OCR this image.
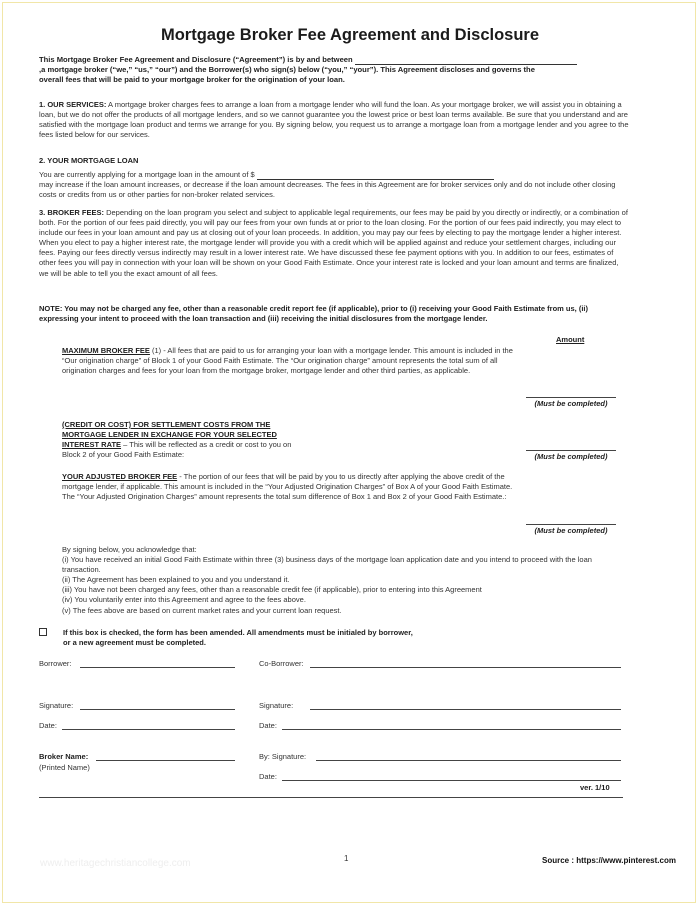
Mortgage Broker Fee Agreement and Disclosure
This Mortgage Broker Fee Agreement and Disclosure (“Agreement”) is by and between
,a mortgage broker (“we,” “us,” “our”) and the Borrower(s) who sign(s) below (“you,” “your”). This Agreement discloses and governs the
overall fees that will be paid to your mortgage broker for the origination of your loan.
1. OUR SERVICES: A mortgage broker charges fees to arrange a loan from a mortgage lender who will fund the loan. As your mortgage broker, we will assist you in obtaining a loan, but we do not offer the products of all mortgage lenders, and so we cannot guarantee you the lowest price or best loan terms available. Be sure that you understand and are satisfied with the mortgage loan product and terms we arrange for you. By signing below, you request us to arrange a mortgage loan from a mortgage lender and you agree to the fees listed below for our services.
2. YOUR MORTGAGE LOAN
You are currently applying for a mortgage loan in the amount of $
may increase if the loan amount increases, or decrease if the loan amount decreases. The fees in this Agreement are for broker services only and do not include other closing costs or credits from us or other parties for non-broker related services.
3. BROKER FEES: Depending on the loan program you select and subject to applicable legal requirements, our fees may be paid by you directly or indirectly, or a combination of both. For the portion of our fees paid directly, you will pay our fees from your own funds at or prior to the loan closing. For the portion of our fees paid indirectly, you may elect to include our fees in your loan amount and pay us at closing out of your loan proceeds. In addition, you may pay our fees by electing to pay the mortgage lender a higher interest. When you elect to pay a higher interest rate, the mortgage lender will provide you with a credit which will be applied against and reduce your settlement charges, including our fees. Paying our fees directly versus indirectly may result in a lower interest rate. We have discussed these fee payment options with you. In addition to our fees, estimates of other fees you will pay in connection with your loan will be shown on your Good Faith Estimate. Once your interest rate is locked and your loan amount and terms are finalized, we will be able to tell you the exact amount of all fees.
NOTE: You may not be charged any fee, other than a reasonable credit report fee (if applicable), prior to (i) receiving your Good Faith Estimate from us, (ii) expressing your intent to proceed with the loan transaction and (iii) receiving the initial disclosures from the mortgage lender.
Amount
MAXIMUM BROKER FEE (1) - All fees that are paid to us for arranging your loan with a mortgage lender. This amount is included in the “Our origination charge” of Block 1 of your Good Faith Estimate. The “Our origination charge” amount represents the total sum of all origination charges and fees for your loan from the mortgage broker, mortgage lender and other third parties, as applicable.
(Must be completed)
(CREDIT OR COST) FOR SETTLEMENT COSTS FROM THE
MORTGAGE LENDER IN EXCHANGE FOR YOUR SELECTED
INTEREST RATE – This will be reflected as a credit or cost to you on
Block 2 of your Good Faith Estimate:	(Must be completed)
YOUR ADJUSTED BROKER FEE - The portion of our fees that will be paid by you to us directly after applying the above credit of the mortgage lender, if applicable. This amount is included in the “Your Adjusted Origination Charges” of Box A of your Good Faith Estimate. The “Your Adjusted Origination Charges” amount represents the total sum difference of Box 1 and Box 2 of your Good Faith Estimate.:
(Must be completed)
By signing below, you acknowledge that:
(i) You have received an initial Good Faith Estimate within three (3) business days of the mortgage loan application date and you intend to proceed with the loan transaction.
(ii) The Agreement has been explained to you and you understand it.
(iii) You have not been charged any fees, other than a reasonable credit fee (if applicable), prior to entering into this Agreement
(iv) You voluntarily enter into this Agreement and agree to the fees above.
(v) The fees above are based on current market rates and your current loan request.
If this box is checked, the form has been amended. All amendments must be initialed by borrower,
or a new agreement must be completed.
Borrower:	Co-Borrower:
Signature:	Signature:
Date:	Date:
Broker Name:
(Printed Name)
By: Signature:
Date:
ver. 1/10
www.heritagechristiancollege.com	1	Source : https://www.pinterest.com
